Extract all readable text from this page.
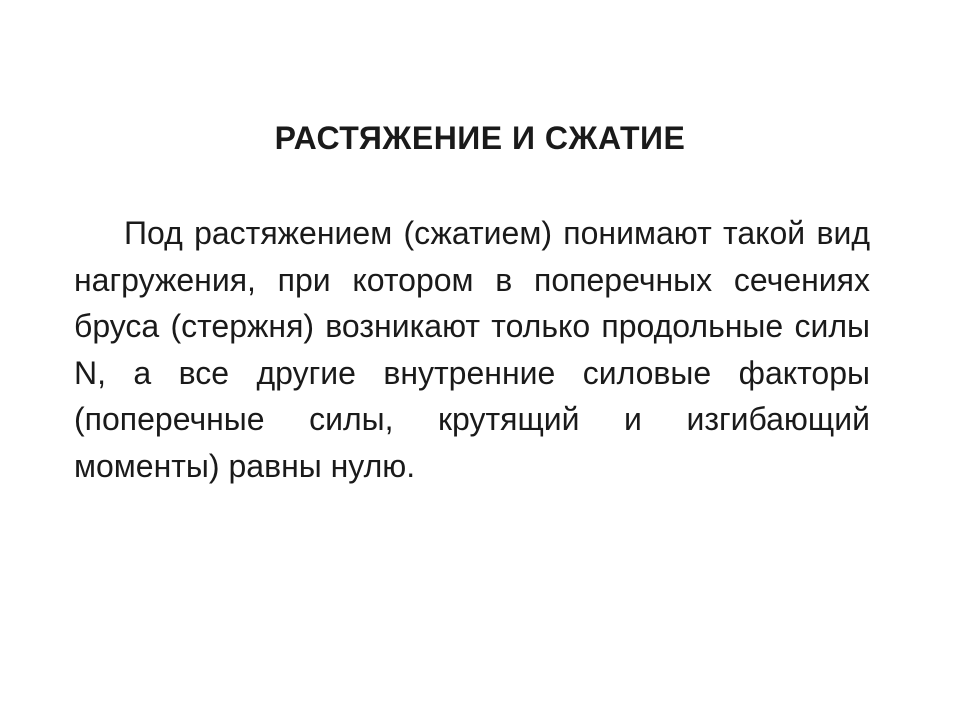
РАСТЯЖЕНИЕ И СЖАТИЕ

Под растяжением (сжатием) понимают такой вид нагружения, при котором в поперечных сечениях бруса (стержня) возникают только продольные силы N, а все другие внутренние силовые факторы (поперечные силы, крутящий и изгибающий моменты) равны нулю.
